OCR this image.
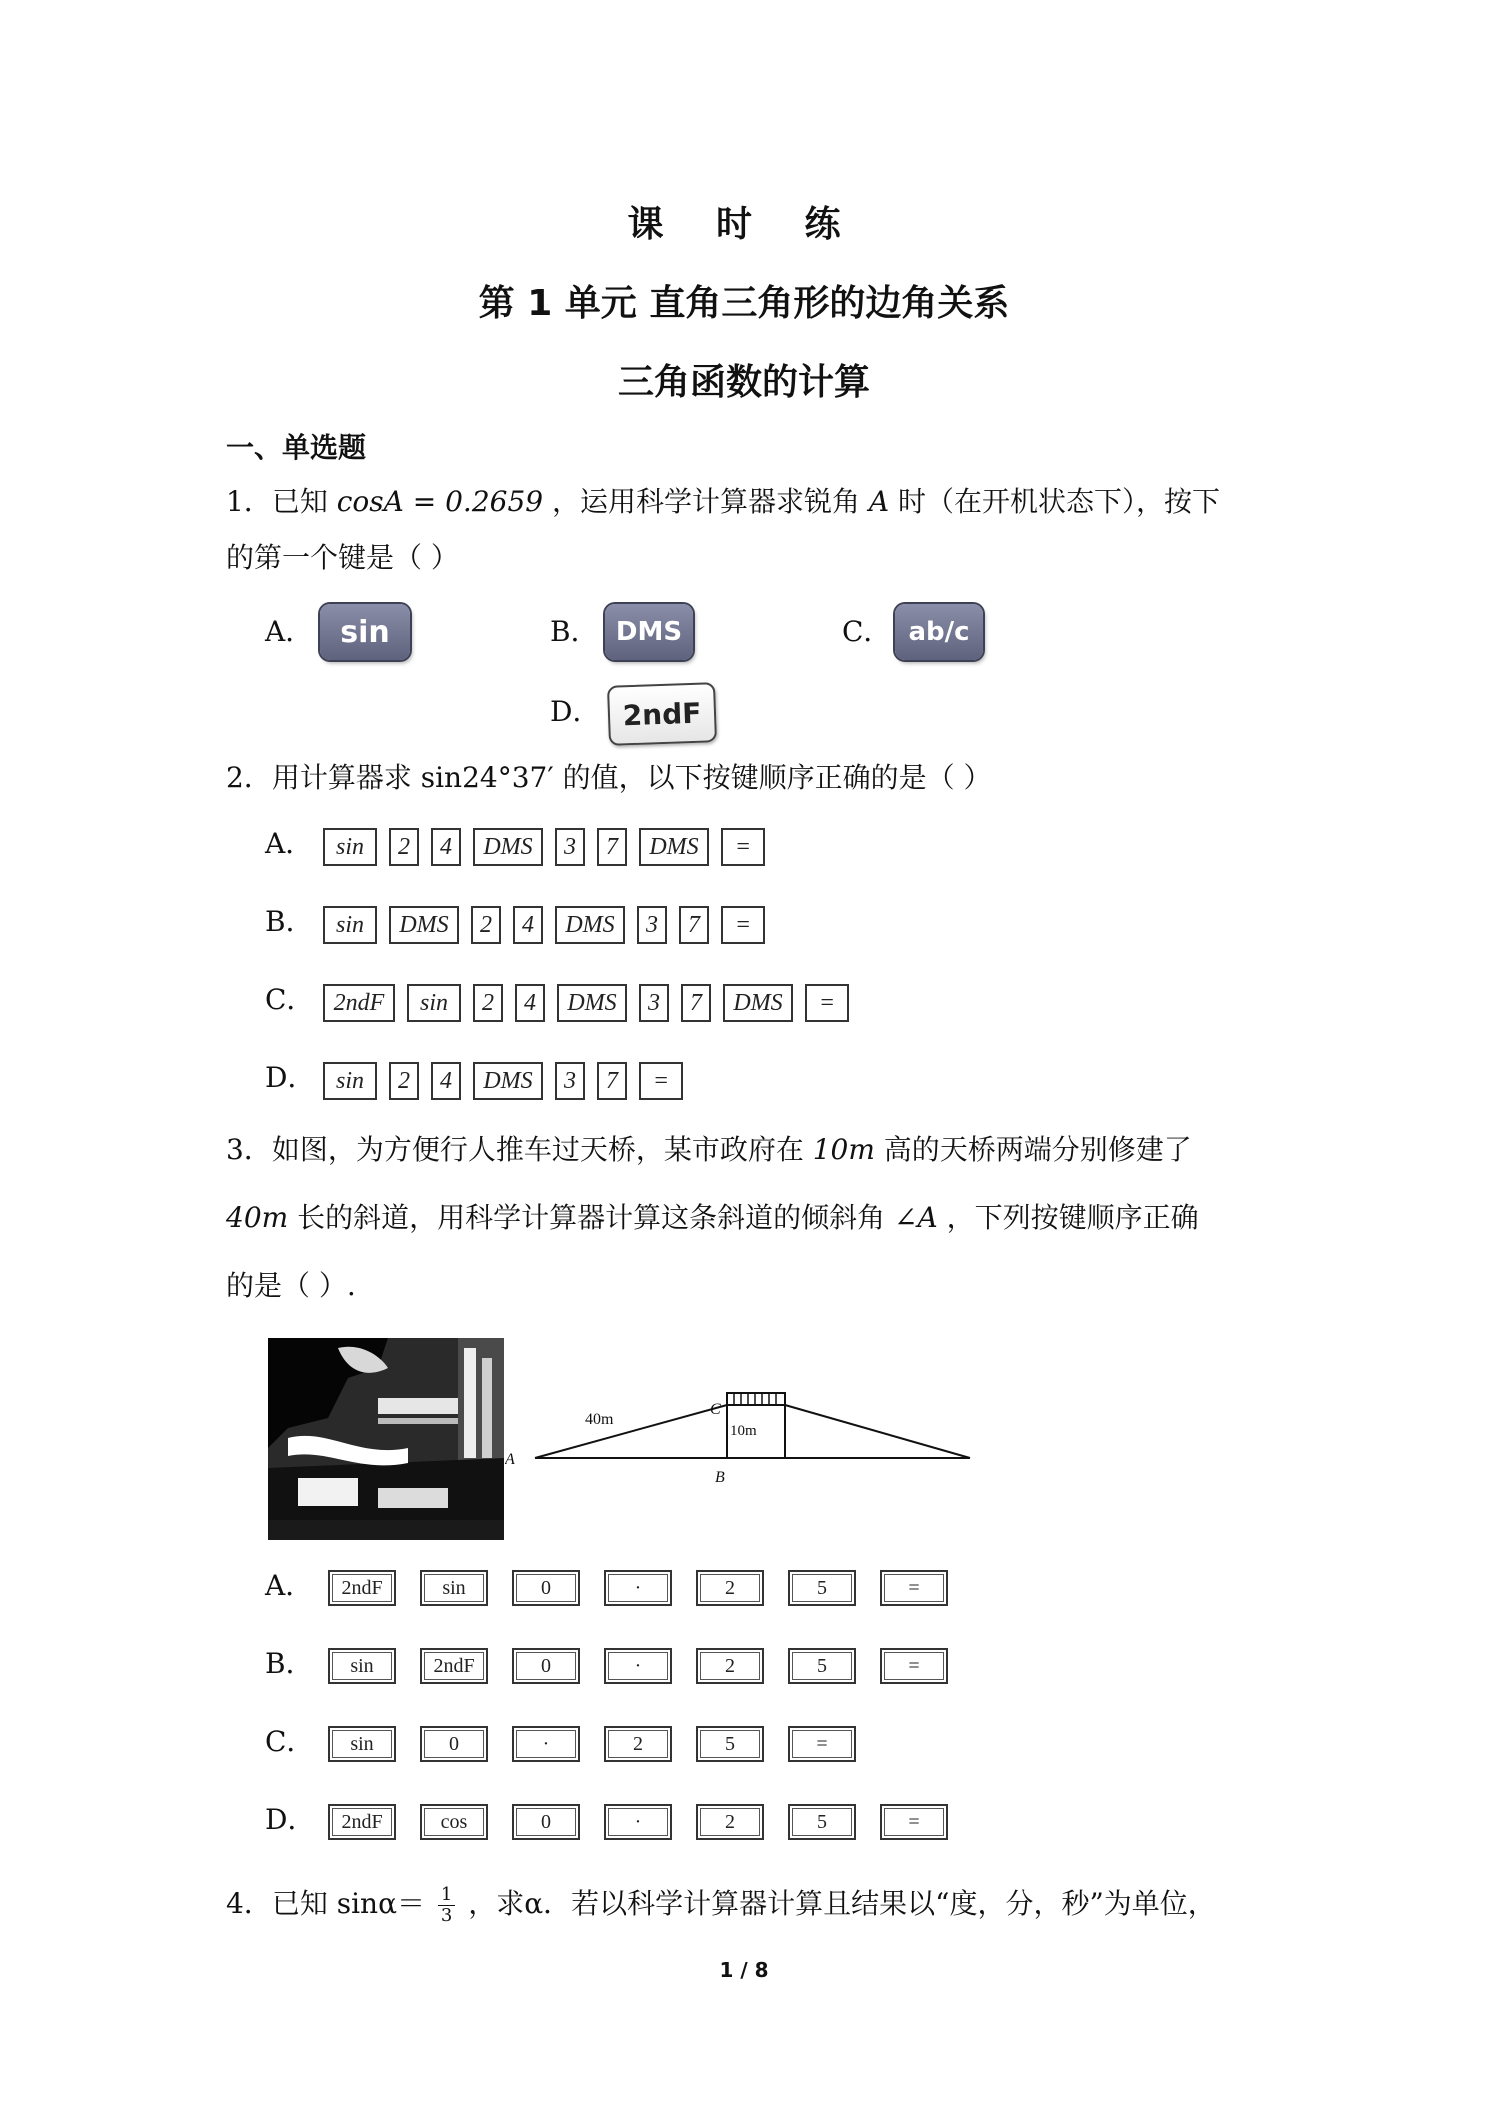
课 时 练
第 1 单元 直角三角形的边角关系
三角函数的计算
一、单选题
1．已知 cosA = 0.2659 ，运用科学计算器求锐角 A 时（在开机状态下），按下
的第一个键是（ ）
A． sin	B． DMS	C． ab/c
D． 2ndF
2．用计算器求 sin24°37′ 的值，以下按键顺序正确的是（ ）
A． sin 2 4 DMS 3 7 DMS =
B． sin DMS 2 4 DMS 3 7 =
C． 2ndF sin 2 4 DMS 3 7 DMS =
D． sin 2 4 DMS 3 7 =
3．如图，为方便行人推车过天桥，某市政府在 10m 高的天桥两端分别修建了
40m 长的斜道，用科学计算器计算这条斜道的倾斜角 ∠A ，下列按键顺序正确
的是（ ）.
40m
10m
C
A
B
A． 2ndF	sin	0	·	2	5	=
B． sin	2ndF	0	·	2	5	=
C． sin	0	·	2	5	=
D． 2ndF	cos	0	·	2	5	=
4．已知 $\sin\alpha= \frac{1}{3}$ ，求α．若以科学计算器计算且结果以“度，分，秒”为单位，
1 / 8
